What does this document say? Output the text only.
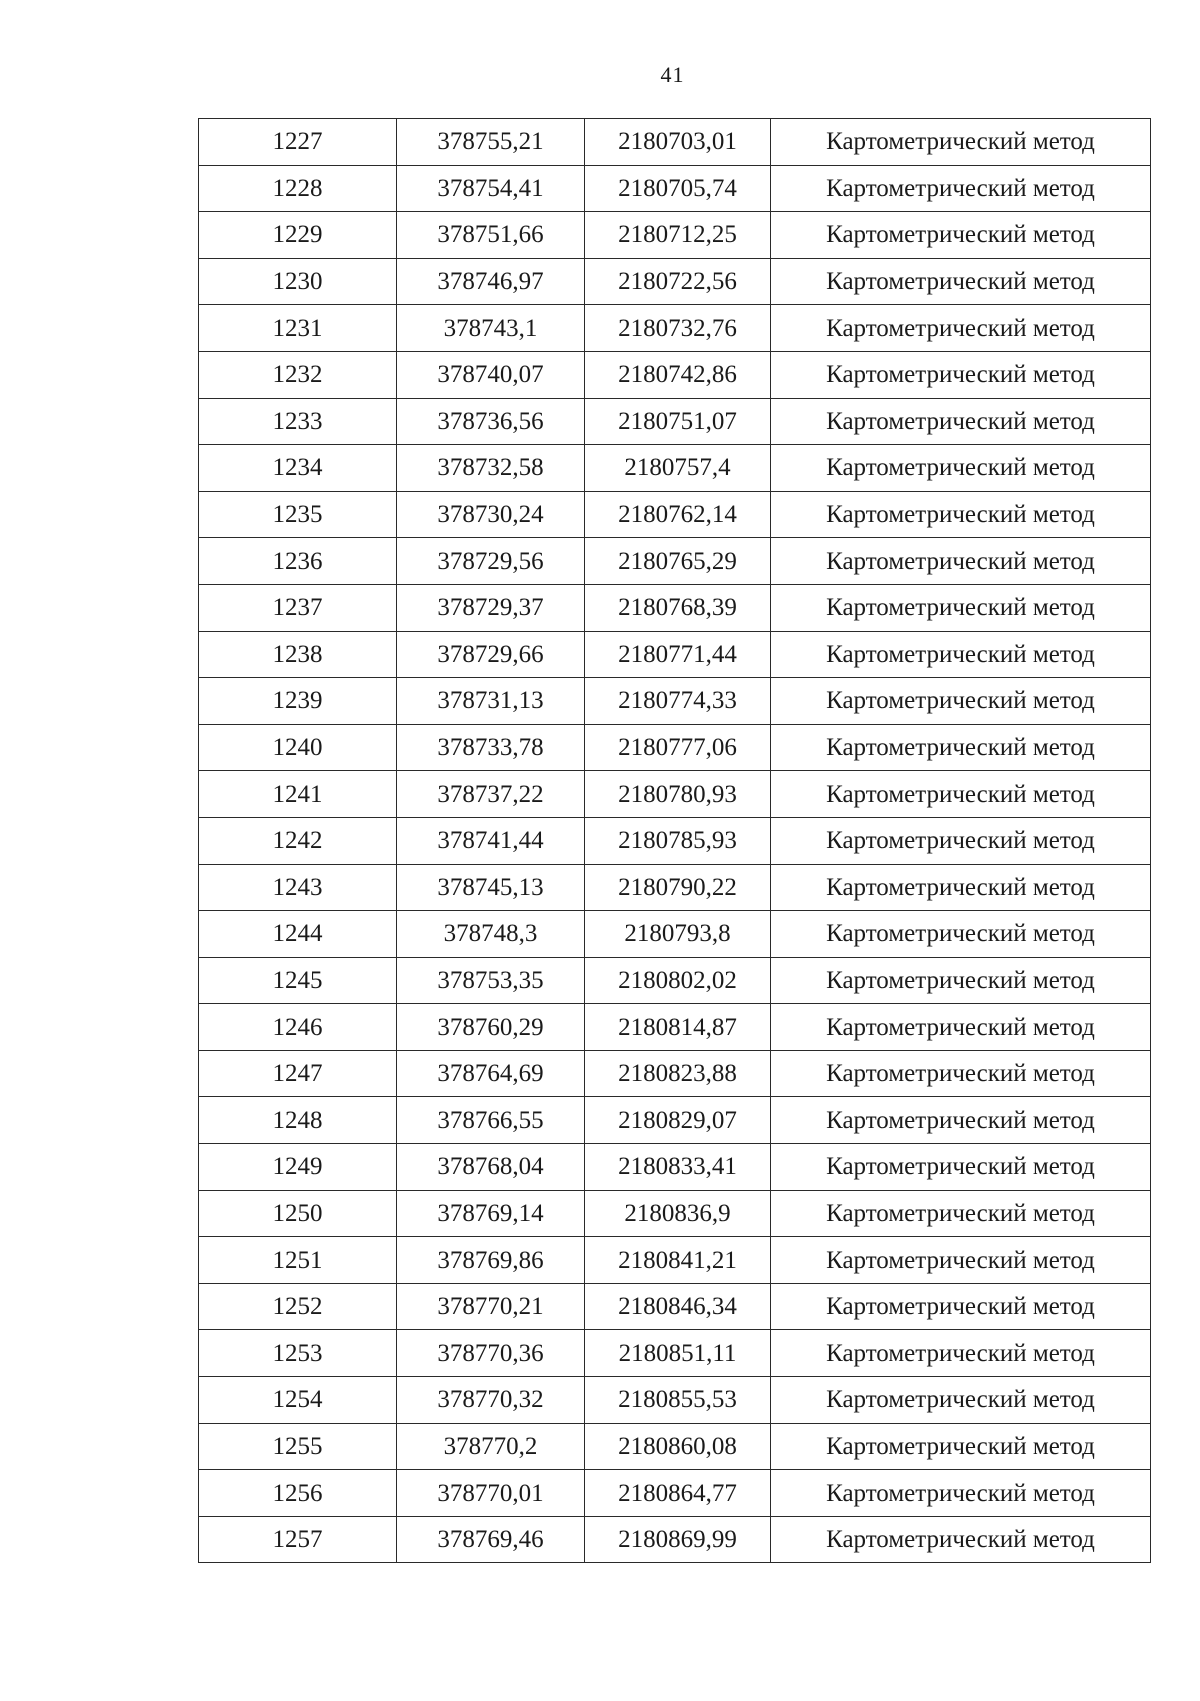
41
1227	378755,21	2180703,01	Картометрический метод
1228	378754,41	2180705,74	Картометрический метод
1229	378751,66	2180712,25	Картометрический метод
1230	378746,97	2180722,56	Картометрический метод
1231	378743,1	2180732,76	Картометрический метод
1232	378740,07	2180742,86	Картометрический метод
1233	378736,56	2180751,07	Картометрический метод
1234	378732,58	2180757,4	Картометрический метод
1235	378730,24	2180762,14	Картометрический метод
1236	378729,56	2180765,29	Картометрический метод
1237	378729,37	2180768,39	Картометрический метод
1238	378729,66	2180771,44	Картометрический метод
1239	378731,13	2180774,33	Картометрический метод
1240	378733,78	2180777,06	Картометрический метод
1241	378737,22	2180780,93	Картометрический метод
1242	378741,44	2180785,93	Картометрический метод
1243	378745,13	2180790,22	Картометрический метод
1244	378748,3	2180793,8	Картометрический метод
1245	378753,35	2180802,02	Картометрический метод
1246	378760,29	2180814,87	Картометрический метод
1247	378764,69	2180823,88	Картометрический метод
1248	378766,55	2180829,07	Картометрический метод
1249	378768,04	2180833,41	Картометрический метод
1250	378769,14	2180836,9	Картометрический метод
1251	378769,86	2180841,21	Картометрический метод
1252	378770,21	2180846,34	Картометрический метод
1253	378770,36	2180851,11	Картометрический метод
1254	378770,32	2180855,53	Картометрический метод
1255	378770,2	2180860,08	Картометрический метод
1256	378770,01	2180864,77	Картометрический метод
1257	378769,46	2180869,99	Картометрический метод
